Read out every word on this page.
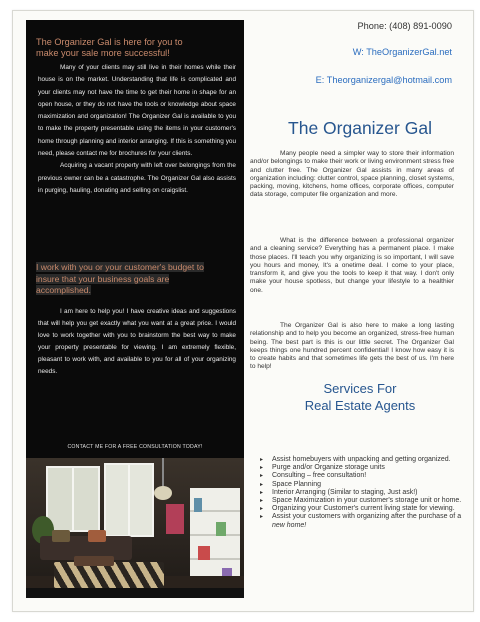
The Organizer Gal is here for you to make your sale more successful!

Many of your clients may still live in their homes while their house is on the market. Understanding that life is complicated and your clients may not have the time to get their home in shape for an open house, or they do not have the tools or knowledge about space maximization and organization! The Organizer Gal is available to you to make the property presentable using the items in your customer's home through planning and interior arranging. If this is something you need, please contact me for brochures for your clients.

Acquiring a vacant property with left over belongings from the previous owner can be a catastrophe. The Organizer Gal also assists in purging, hauling, donating and selling on craigslist.

I work with you or your customer's budget to insure that your business goals are accomplished.

I am here to help you! I have creative ideas and suggestions that will help you get exactly what you want at a great price. I would love to work together with you to brainstorm the best way to make your property presentable for viewing. I am extremely flexible, pleasant to work with, and available to you for all of your organizing needs.

CONTACT ME FOR A FREE CONSULTATION TODAY!
Phone: (408) 891-0090
W: TheOrganizerGal.net
E: Theorganizergal@hotmail.com
The Organizer Gal

Many people need a simpler way to store their information and/or belongings to make their work or living environment stress free and clutter free. The Organizer Gal assists in many areas of organization including: clutter control, space planning, closet systems, packing, moving, kitchens, home offices, corporate offices, computer data storage, computer file organization and more.

What is the difference between a professional organizer and a cleaning service? Everything has a permanent place. I make those places. I'll teach you why organizing is so important, I will save you hours and money, It's a onetime deal. I come to your place, transform it, and give you the tools to keep it that way. I don't only make your house spotless, but change your lifestyle to a healthier one.

The Organizer Gal is also here to make a long lasting relationship and to help you become an organized, stress-free human being. The best part is this is our little secret. The Organizer Gal keeps things one hundred percent confidential! I know how easy it is to create habits and that sometimes life gets the best of us. I'm here to help!

Services For
Real Estate Agents
▸ Assist homebuyers with unpacking and getting organized.
▸ Purge and/or Organize storage units
▸ Consulting – free consultation!
▸ Space Planning
▸ Interior Arranging (Similar to staging, Just ask!)
▸ Space Maximization in your customer's storage unit or home.
▸ Organizing your Customer's current living state for viewing.
▸ Assist your customers with organizing after the purchase of a new home!
